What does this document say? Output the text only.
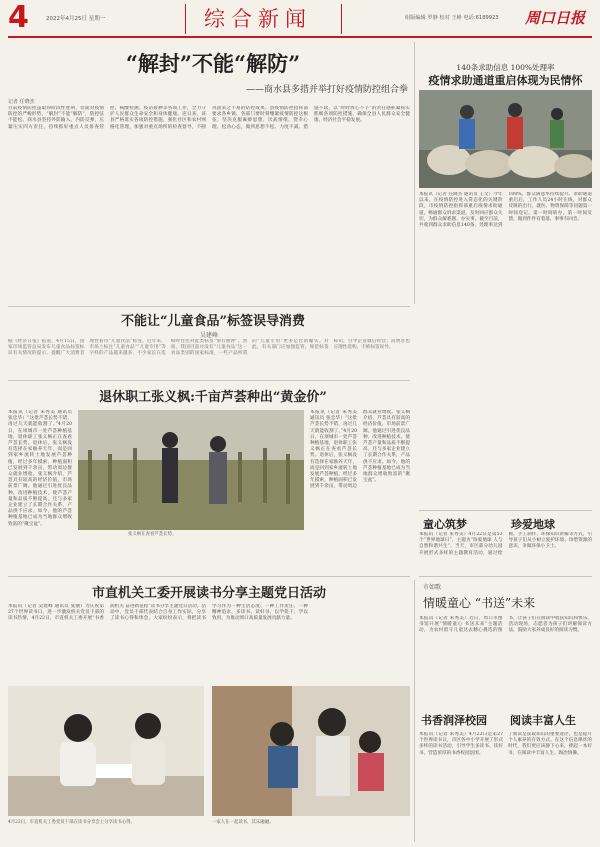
4	2022年4月25日 星期一	综合新闻	组版编辑 罗静 校对 王峥 电话:6189923 周口日报
“解封”不能“解防”
——商水县多措并举打好疫情防控组合拳
记者 任晓杰
目前疫情防控虽取得阶段性胜利，但面对疫情防控的严峻形势，“解封”不能“解防”，防控弦不能松。商水县坚持外防输入、内防反弹，压紧压实四方责任，持续抓好重点人员排查管控、核酸检测、疫苗接种等各项工作，全力守护人民群众生命安全和身体健康。连日来，该县严格落实各项防控措施，强化社区和农村网格化管理，加强对重点场所的检查督导，不断巩固来之不易的防控成果。县疫情防控指挥部要求各乡镇、各部门要时刻绷紧疫情防控这根弦，坚决克服麻痹思想、厌战情绪、侥幸心理、松劲心态，做到思想不松、力度不减、措施不软，以“时时放心不下”的责任感抓紧抓实抓细各项防控措施，确保全县人民群众安全健康、经济社会平稳发展。
140条求助信息 100%处理率
疫情求助通道重启体现为民情怀
本报讯（记者 任晓杰 通讯员 王文）今年以来，在疫情防控进入常态化的关键阶段，市疫情防控指挥部重启疫情求助通道，畅通群众诉求渠道，及时回应群众关切，为群众解难题、办实事。截至目前，共收到群众求助信息140条，处理率达到100%，群众满意率持续提升。求助通道重启后，工作人员24小时在线，对群众反映的出行、就医、物资保障等问题第一时间登记、第一时间转办、第一时间反馈，做到件件有着落、事事有回音。
不能让“儿童食品”标签误导消费
吴建峰
据《经济日报》报道，4月15日，国家市场监管总局发布儿童食品标签标识有关情况的提示，提醒广大消费者理性看待“儿童食品”标签。近年来，市场上标注“儿童食品”“儿童专用”等字样的产品越来越多，不少家长在选购时往往对此类标签“情有独钟”。然而，我国目前并没有“儿童食品”这一食品类别的国家标准，一些产品所谓的“儿童专用”更多是营销噱头。对此，有关部门应加强监管，规范标签标识，引导企业诚信经营；消费者也应理性选购，不被标签误导。
退休职工张义枫:千亩芦荟种出“黄金价”
本报讯（记者 朱秀美 通讯员 张忠华）“这批芦荟长势不错，再过几天就能收割了。”4月20日，在项城市一处芦荟种植基地，退休职工张义枫正在查看芦荟长势。退休后，张义枫没有选择在家颐养天年，而是回到家乡流转土地发展芦荟种植，经过多年摸索，种植面积已发展到千余亩，带动周边群众就业增收。张义枫介绍，芦荟具有较高的经济价值，市场前景广阔。他通过引进优良品种、改进种植技术，使芦荟产量和品质不断提高，还与多家企业建立了长期合作关系，产品供不应求。如今，他的芦荟种植基地已成为当地群众增收致富的“聚宝盆”。
张义枫在查看芦荟长势。
本报讯（记者 朱秀美 通讯员 张忠华）“这批芦荟长势不错，再过几天就能收割了。”4月20日，在项城市一处芦荟种植基地，退休职工张义枫正在查看芦荟长势。退休后，张义枫没有选择在家颐养天年，而是回到家乡流转土地发展芦荟种植，经过多年摸索，种植面积已发展到千余亩，带动周边群众就业增收。张义枫介绍，芦荟具有较高的经济价值，市场前景广阔。他通过引进优良品种、改进种植技术，使芦荟产量和品质不断提高，还与多家企业建立了长期合作关系，产品供不应求。如今，他的芦荟种植基地已成为当地群众增收致富的“聚宝盆”。
童心筑梦	珍爱地球
本报讯（记者 朱秀美）4月22日是第53个“世界地球日”，主题为“珍爱地球 人与自然和谐共生”。当天，市区部分幼儿园开展形式多样的主题教育活动，通过绘画、手工制作、环保知识讲解等方式，引导孩子们从小树立爱护环境、珍惜资源的意识，争做环保小卫士。
市直机关工委开展读书分享主题党日活动
本报讯（记者 吴建峰 通讯员 张丽）为庆祝第27个世界读书日，进一步激发机关党员干部的读书热情，4月22日，市直机关工委开展“书香润机关 奋进新征程”读书分享主题党日活动。活动中，党员干部代表结合自身工作实际，分享了读书心得和体会，大家纷纷表示，将把读书学习作为一种生活态度、一种工作责任、一种精神追求，多读书、读好书，以学促干、学以致用，为推动周口高质量发展贡献力量。
4月22日，市直机关工委党员干部在读书分享会上分享读书心得。	一家人在一起读书，其乐融融。
市如歌
情暖童心 “书送”未来
本报讯（记者 朱秀美）近日，周口市图书馆开展“情暖童心 书送未来”主题活动，为农村留守儿童送去精心挑选的图书，让孩子们在阅读中收获知识和快乐。活动现场，志愿者为孩子们讲解阅读方法，鼓励大家养成良好的阅读习惯。
书香润泽校园
本报讯（记者 朱秀美）4月23日是第27个世界读书日，市区各中小学开展了形式多样的读书活动，引导学生多读书、读好书，营造浓厚的书香校园氛围。
阅读丰富人生
了阅读是获取知识的重要途径，也是提升个人素养的有效方式。在这个信息爆炸的时代，我们更应该静下心来，捧起一本好书，在阅读中丰富人生、陶冶情操。
